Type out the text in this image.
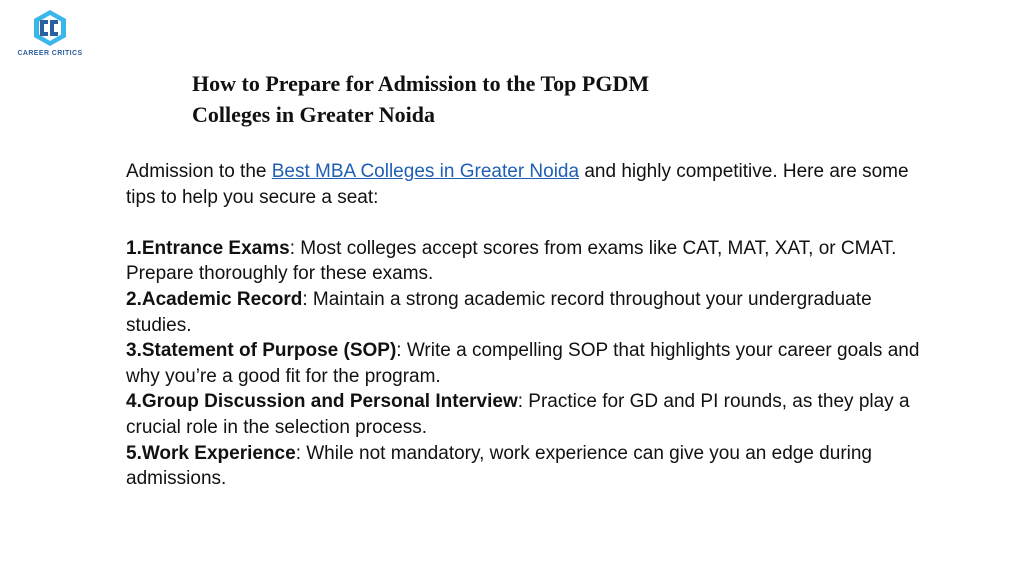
CAREER CRITICS
How to Prepare for Admission to the Top PGDM
Colleges in Greater Noida

Admission to the Best MBA Colleges in Greater Noida and highly competitive. Here are some tips to help you secure a seat:

1.Entrance Exams: Most colleges accept scores from exams like CAT, MAT, XAT, or CMAT. Prepare thoroughly for these exams.

2.Academic Record: Maintain a strong academic record throughout your undergraduate studies.

3.Statement of Purpose (SOP): Write a compelling SOP that highlights your career goals and why you’re a good fit for the program.

4.Group Discussion and Personal Interview: Practice for GD and PI rounds, as they play a crucial role in the selection process.

5.Work Experience: While not mandatory, work experience can give you an edge during admissions.
